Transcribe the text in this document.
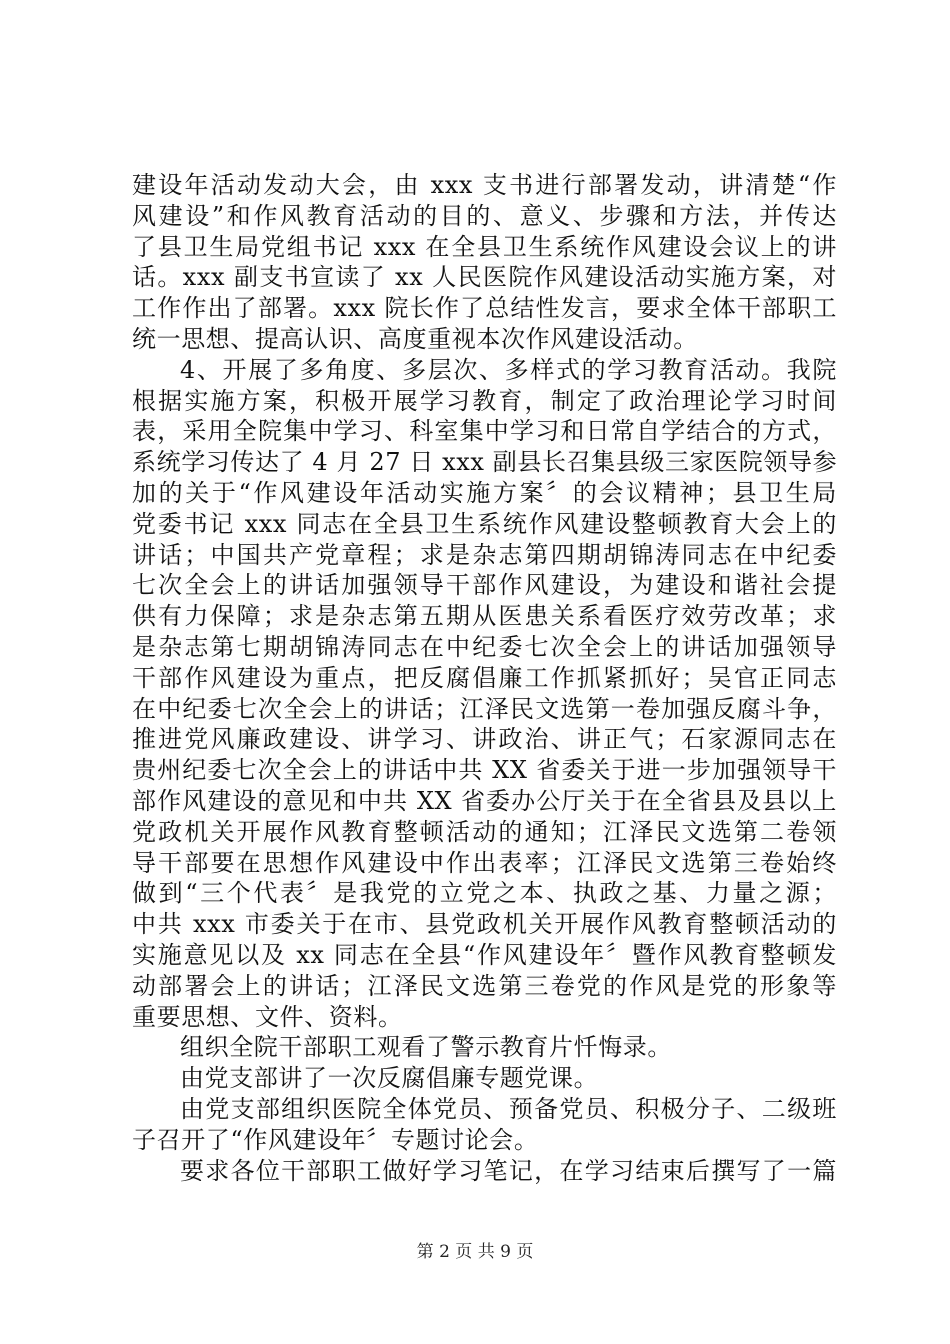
建设年活动发动大会，由 xxx 支书进行部署发动，讲清楚“作
风建设”和作风教育活动的目的、意义、步骤和方法，并传达
了县卫生局党组书记 xxx 在全县卫生系统作风建设会议上的讲
话。xxx 副支书宣读了 xx 人民医院作风建设活动实施方案，对
工作作出了部署。xxx 院长作了总结性发言，要求全体干部职工
统一思想、提高认识、高度重视本次作风建设活动。
4、开展了多角度、多层次、多样式的学习教育活动。我院
根据实施方案，积极开展学习教育，制定了政治理论学习时间
表，采用全院集中学习、科室集中学习和日常自学结合的方式，
系统学习传达了 4 月 27 日 xxx 副县长召集县级三家医院领导参
加的关于“作风建设年活动实施方案〞的会议精神；县卫生局
党委书记 xxx 同志在全县卫生系统作风建设整顿教育大会上的
讲话；中国共产党章程；求是杂志第四期胡锦涛同志在中纪委
七次全会上的讲话加强领导干部作风建设，为建设和谐社会提
供有力保障；求是杂志第五期从医患关系看医疗效劳改革；求
是杂志第七期胡锦涛同志在中纪委七次全会上的讲话加强领导
干部作风建设为重点，把反腐倡廉工作抓紧抓好；吴官正同志
在中纪委七次全会上的讲话；江泽民文选第一卷加强反腐斗争，
推进党风廉政建设、讲学习、讲政治、讲正气；石家源同志在
贵州纪委七次全会上的讲话中共 XX 省委关于进一步加强领导干
部作风建设的意见和中共 XX 省委办公厅关于在全省县及县以上
党政机关开展作风教育整顿活动的通知；江泽民文选第二卷领
导干部要在思想作风建设中作出表率；江泽民文选第三卷始终
做到“三个代表〞是我党的立党之本、执政之基、力量之源；
中共 xxx 市委关于在市、县党政机关开展作风教育整顿活动的
实施意见以及 xx 同志在全县“作风建设年〞暨作风教育整顿发
动部署会上的讲话；江泽民文选第三卷党的作风是党的形象等
重要思想、文件、资料。
组织全院干部职工观看了警示教育片忏悔录。
由党支部讲了一次反腐倡廉专题党课。
由党支部组织医院全体党员、预备党员、积极分子、二级班
子召开了“作风建设年〞专题讨论会。
要求各位干部职工做好学习笔记，在学习结束后撰写了一篇
第 2 页 共 9 页
